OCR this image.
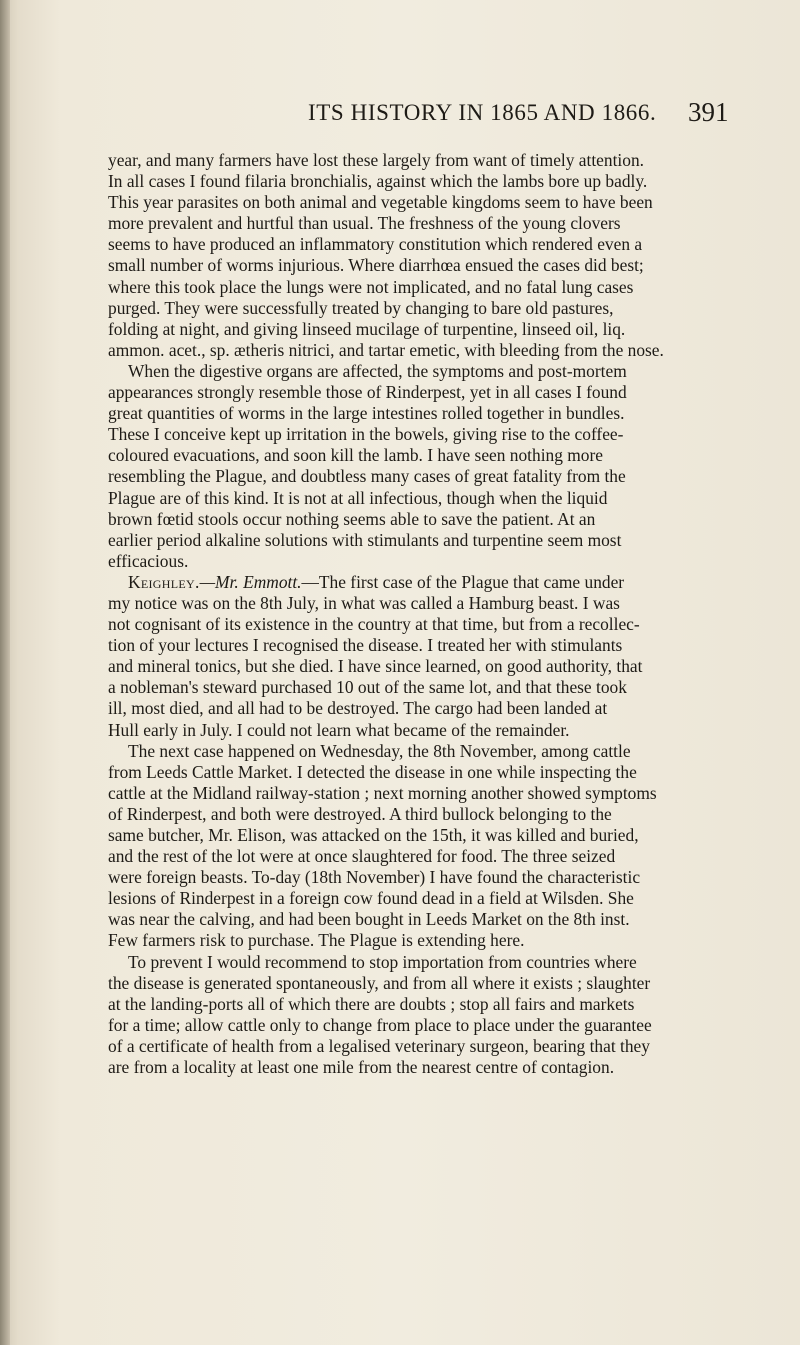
ITS HISTORY IN 1865 AND 1866. 391
year, and many farmers have lost these largely from want of timely attention.
In all cases I found filaria bronchialis, against which the lambs bore up badly.
This year parasites on both animal and vegetable kingdoms seem to have been
more prevalent and hurtful than usual. The freshness of the young clovers
seems to have produced an inflammatory constitution which rendered even a
small number of worms injurious. Where diarrhœa ensued the cases did best;
where this took place the lungs were not implicated, and no fatal lung cases
purged. They were successfully treated by changing to bare old pastures,
folding at night, and giving linseed mucilage of turpentine, linseed oil, liq.
ammon. acet., sp. ætheris nitrici, and tartar emetic, with bleeding from the nose.
When the digestive organs are affected, the symptoms and post-mortem
appearances strongly resemble those of Rinderpest, yet in all cases I found
great quantities of worms in the large intestines rolled together in bundles.
These I conceive kept up irritation in the bowels, giving rise to the coffee-
coloured evacuations, and soon kill the lamb. I have seen nothing more
resembling the Plague, and doubtless many cases of great fatality from the
Plague are of this kind. It is not at all infectious, though when the liquid
brown fœtid stools occur nothing seems able to save the patient. At an
earlier period alkaline solutions with stimulants and turpentine seem most
efficacious.
Keighley.—Mr. Emmott.—The first case of the Plague that came under
my notice was on the 8th July, in what was called a Hamburg beast. I was
not cognisant of its existence in the country at that time, but from a recollec-
tion of your lectures I recognised the disease. I treated her with stimulants
and mineral tonics, but she died. I have since learned, on good authority, that
a nobleman's steward purchased 10 out of the same lot, and that these took
ill, most died, and all had to be destroyed. The cargo had been landed at
Hull early in July. I could not learn what became of the remainder.
The next case happened on Wednesday, the 8th November, among cattle
from Leeds Cattle Market. I detected the disease in one while inspecting the
cattle at the Midland railway-station ; next morning another showed symptoms
of Rinderpest, and both were destroyed. A third bullock belonging to the
same butcher, Mr. Elison, was attacked on the 15th, it was killed and buried,
and the rest of the lot were at once slaughtered for food. The three seized
were foreign beasts. To-day (18th November) I have found the characteristic
lesions of Rinderpest in a foreign cow found dead in a field at Wilsden. She
was near the calving, and had been bought in Leeds Market on the 8th inst.
Few farmers risk to purchase. The Plague is extending here.
To prevent I would recommend to stop importation from countries where
the disease is generated spontaneously, and from all where it exists ; slaughter
at the landing-ports all of which there are doubts ; stop all fairs and markets
for a time; allow cattle only to change from place to place under the guarantee
of a certificate of health from a legalised veterinary surgeon, bearing that they
are from a locality at least one mile from the nearest centre of contagion.
